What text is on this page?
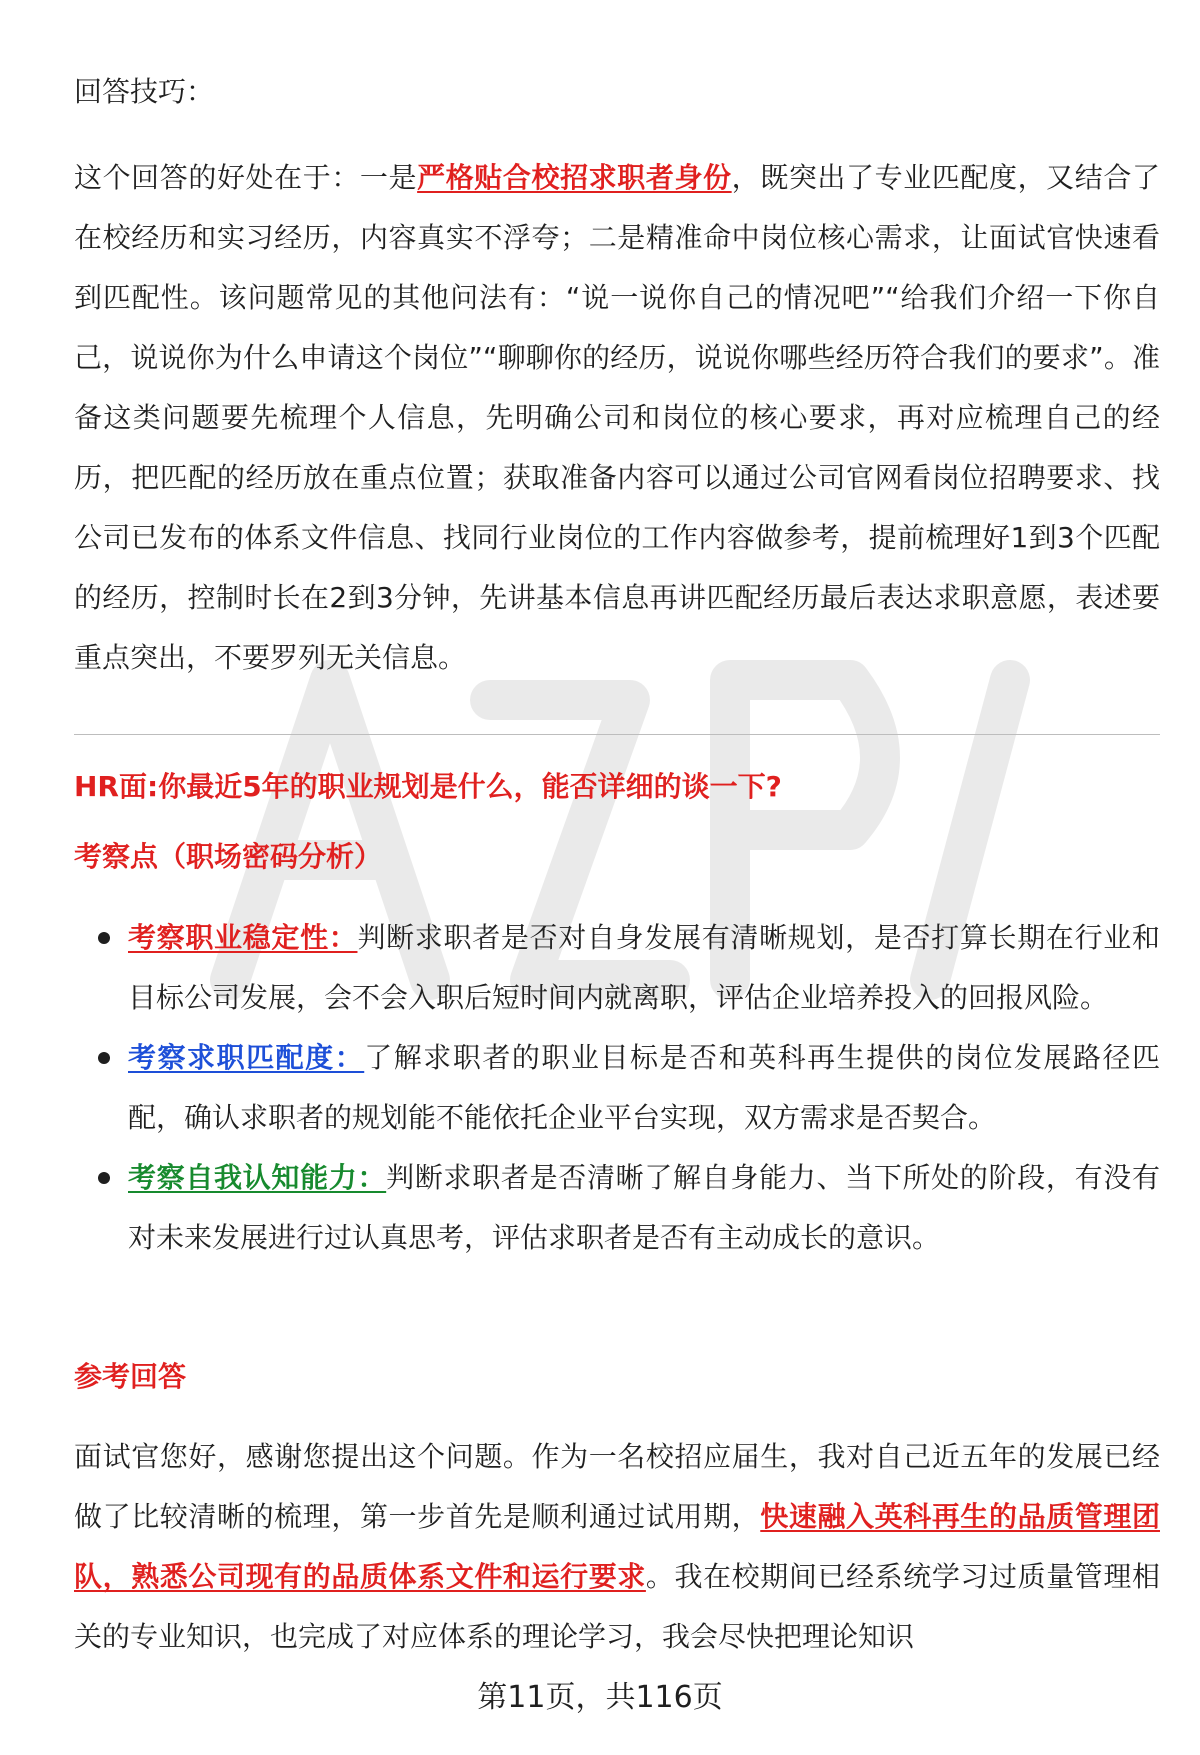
回答技巧：

这个回答的好处在于：一是严格贴合校招求职者身份，既突出了专业匹配度，又结合了在校经历和实习经历，内容真实不浮夸；二是精准命中岗位核心需求，让面试官快速看到匹配性。该问题常见的其他问法有：“说一说你自己的情况吧”“给我们介绍一下你自己，说说你为什么申请这个岗位”“聊聊你的经历，说说你哪些经历符合我们的要求”。准备这类问题要先梳理个人信息，先明确公司和岗位的核心要求，再对应梳理自己的经历，把匹配的经历放在重点位置；获取准备内容可以通过公司官网看岗位招聘要求、找公司已发布的体系文件信息、找同行业岗位的工作内容做参考，提前梳理好1到3个匹配的经历，控制时长在2到3分钟，先讲基本信息再讲匹配经历最后表达求职意愿，表述要重点突出，不要罗列无关信息。

HR面:你最近5年的职业规划是什么，能否详细的谈一下?
考察点（职场密码分析）
考察职业稳定性：判断求职者是否对自身发展有清晰规划，是否打算长期在行业和目标公司发展，会不会入职后短时间内就离职，评估企业培养投入的回报风险。
考察求职匹配度：了解求职者的职业目标是否和英科再生提供的岗位发展路径匹配，确认求职者的规划能不能依托企业平台实现，双方需求是否契合。
考察自我认知能力：判断求职者是否清晰了解自身能力、当下所处的阶段，有没有对未来发展进行过认真思考，评估求职者是否有主动成长的意识。
参考回答

面试官您好，感谢您提出这个问题。作为一名校招应届生，我对自己近五年的发展已经做了比较清晰的梳理，第一步首先是顺利通过试用期，快速融入英科再生的品质管理团队，熟悉公司现有的品质体系文件和运行要求。我在校期间已经系统学习过质量管理相关的专业知识，也完成了对应体系的理论学习，我会尽快把理论知识

第11页，共116页
